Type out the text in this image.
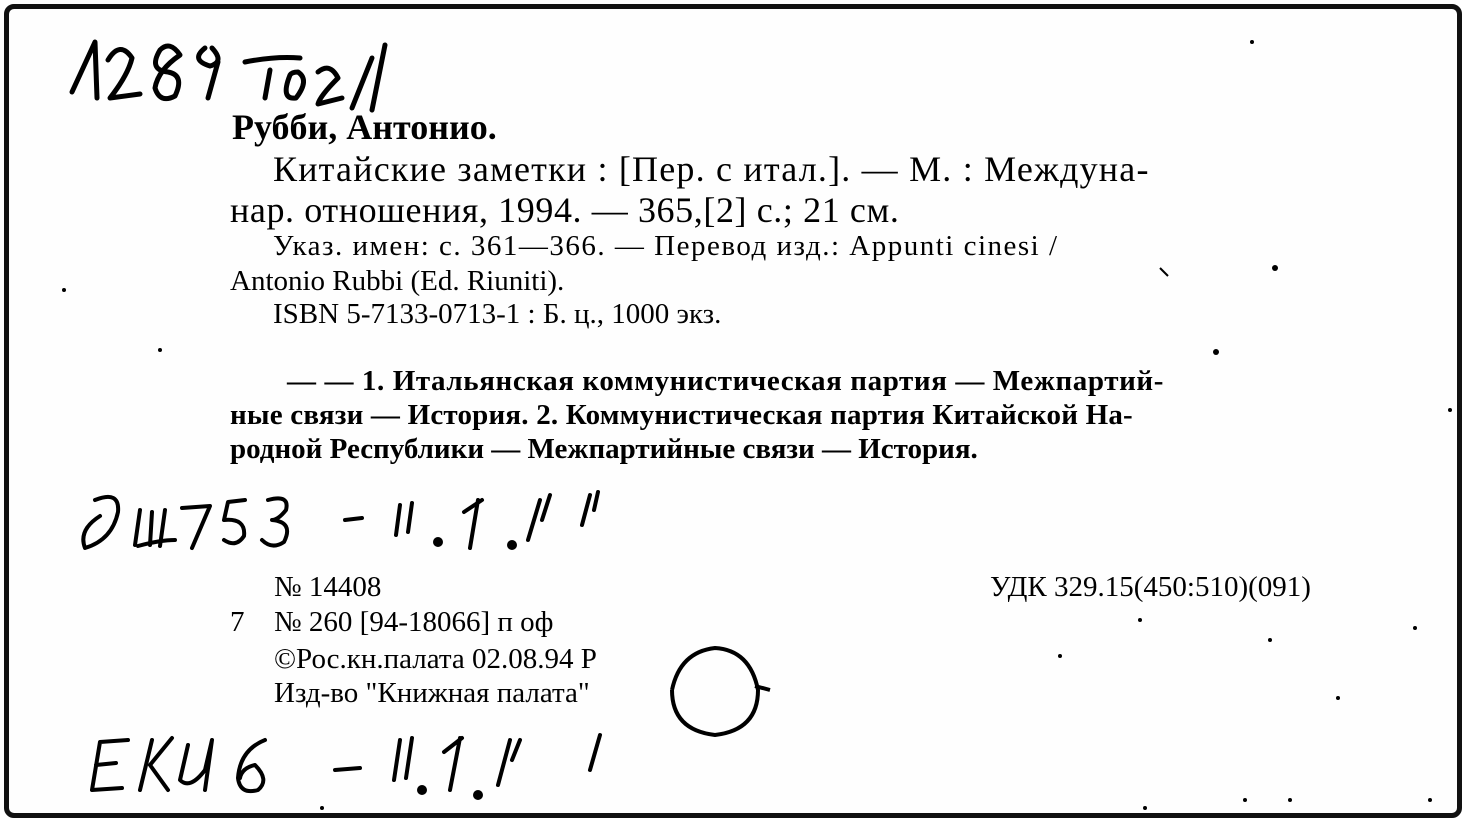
Рубби, Антонио.
Китайские заметки : [Пер. с итал.]. — М. : Междуна-
нар. отношения, 1994. — 365,[2] с.; 21 см.
Указ. имен: с. 361—366. — Перевод изд.: Appunti cinesi /
Antonio Rubbi (Ed. Riuniti).
ISBN 5-7133-0713-1 : Б. ц., 1000 экз.
— — 1. Итальянская коммунистическая партия — Межпартий-
ные связи — История. 2. Коммунистическая партия Китайской На-
родной Республики — Межпартийные связи — История.
№ 14408	УДК 329.15(450:510)(091)
7 № 260 [94-18066] п оф
©Рос.кн.палата 02.08.94 Р
Изд-во "Книжная палата"
